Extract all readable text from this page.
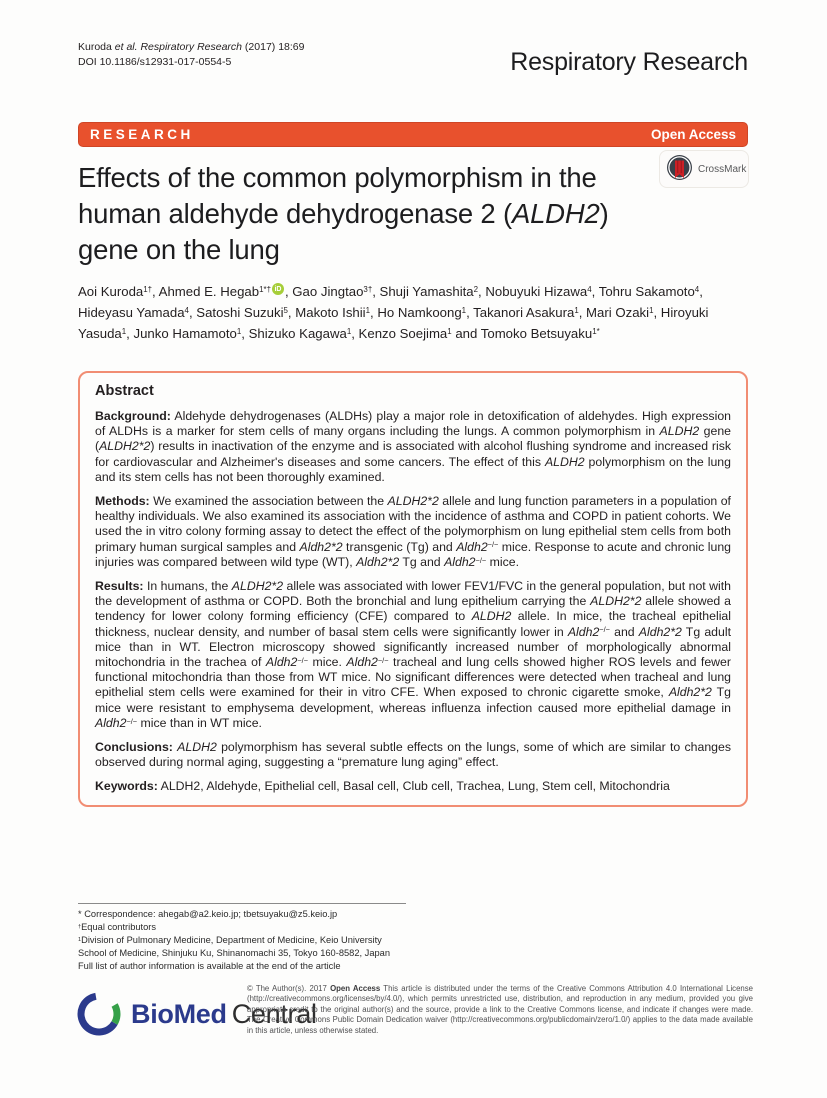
Kuroda et al. Respiratory Research (2017) 18:69
DOI 10.1186/s12931-017-0554-5	Respiratory Research
RESEARCH	Open Access
CrossMark
Effects of the common polymorphism in the human aldehyde dehydrogenase 2 (ALDH2) gene on the lung

Aoi Kuroda$^{1\dagger}$, Ahmed E. Hegab$^{1*\dagger}$ iD , Gao Jingtao$^{3\dagger}$, Shuji Yamashita$^2$, Nobuyuki Hizawa$^4$, Tohru Sakamoto$^4$, Hideyasu Yamada$^4$, Satoshi Suzuki$^5$, Makoto Ishii$^1$, Ho Namkoong$^1$, Takanori Asakura$^1$, Mari Ozaki$^1$, Hiroyuki Yasuda$^1$, Junko Hamamoto$^1$, Shizuko Kagawa$^1$, Kenzo Soejima$^1$ and Tomoko Betsuyaku$^{1*}$

Abstract

Background: Aldehyde dehydrogenases (ALDHs) play a major role in detoxification of aldehydes. High expression of ALDHs is a marker for stem cells of many organs including the lungs. A common polymorphism in ALDH2 gene (ALDH2*2) results in inactivation of the enzyme and is associated with alcohol flushing syndrome and increased risk for cardiovascular and Alzheimer's diseases and some cancers. The effect of this ALDH2 polymorphism on the lung and its stem cells has not been thoroughly examined.

Methods: We examined the association between the ALDH2*2 allele and lung function parameters in a population of healthy individuals. We also examined its association with the incidence of asthma and COPD in patient cohorts. We used the in vitro colony forming assay to detect the effect of the polymorphism on lung epithelial stem cells from both primary human surgical samples and Aldh2*2 transgenic (Tg) and Aldh2−/− mice. Response to acute and chronic lung injuries was compared between wild type (WT), Aldh2*2 Tg and Aldh2−/− mice.

Results: In humans, the ALDH2*2 allele was associated with lower FEV1/FVC in the general population, but not with the development of asthma or COPD. Both the bronchial and lung epithelium carrying the ALDH2*2 allele showed a tendency for lower colony forming efficiency (CFE) compared to ALDH2 allele. In mice, the tracheal epithelial thickness, nuclear density, and number of basal stem cells were significantly lower in Aldh2−/− and Aldh2*2 Tg adult mice than in WT. Electron microscopy showed significantly increased number of morphologically abnormal mitochondria in the trachea of Aldh2−/− mice. Aldh2−/− tracheal and lung cells showed higher ROS levels and fewer functional mitochondria than those from WT mice. No significant differences were detected when tracheal and lung epithelial stem cells were examined for their in vitro CFE. When exposed to chronic cigarette smoke, Aldh2*2 Tg mice were resistant to emphysema development, whereas influenza infection caused more epithelial damage in Aldh2−/− mice than in WT mice.

Conclusions: ALDH2 polymorphism has several subtle effects on the lungs, some of which are similar to changes observed during normal aging, suggesting a “premature lung aging” effect.

Keywords: ALDH2, Aldehyde, Epithelial cell, Basal cell, Club cell, Trachea, Lung, Stem cell, Mitochondria

* Correspondence: ahegab@a2.keio.jp; tbetsuyaku@z5.keio.jp
†Equal contributors
$^1$Division of Pulmonary Medicine, Department of Medicine, Keio University School of Medicine, Shinjuku Ku, Shinanomachi 35, Tokyo 160-8582, Japan
Full list of author information is available at the end of the article
BioMed Central

© The Author(s). 2017 Open Access This article is distributed under the terms of the Creative Commons Attribution 4.0 International License (http://creativecommons.org/licenses/by/4.0/), which permits unrestricted use, distribution, and reproduction in any medium, provided you give appropriate credit to the original author(s) and the source, provide a link to the Creative Commons license, and indicate if changes were made. The Creative Commons Public Domain Dedication waiver (http://creativecommons.org/publicdomain/zero/1.0/) applies to the data made available in this article, unless otherwise stated.
